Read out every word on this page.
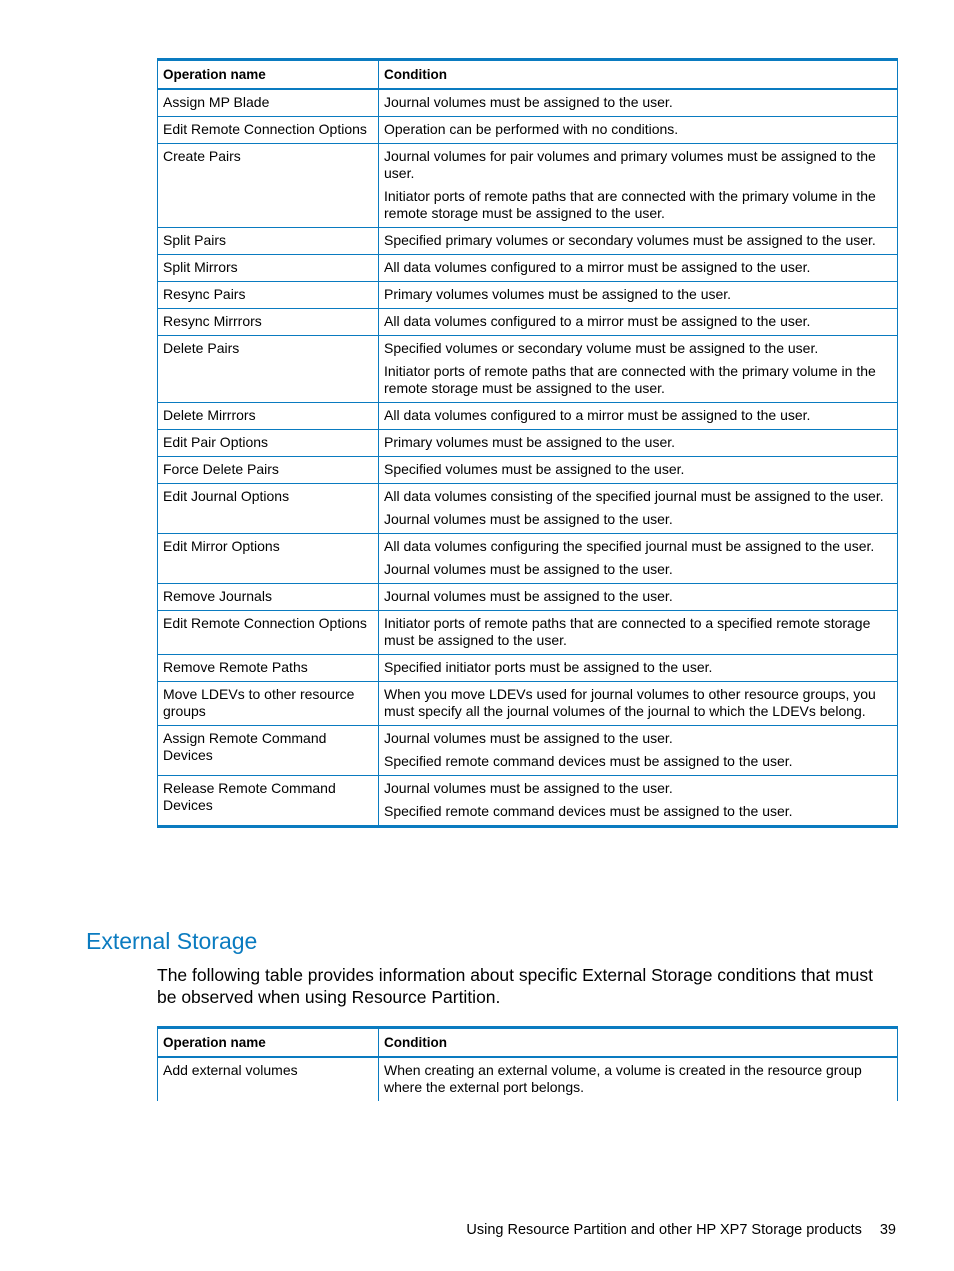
Operation name	Condition
Assign MP Blade	Journal volumes must be assigned to the user.

Edit Remote Connection Options	Operation can be performed with no conditions.

Create Pairs	Journal volumes for pair volumes and primary volumes must be assigned to the user.

Initiator ports of remote paths that are connected with the primary volume in the remote storage must be assigned to the user.

Split Pairs	Specified primary volumes or secondary volumes must be assigned to the user.

Split Mirrors	All data volumes configured to a mirror must be assigned to the user.

Resync Pairs	Primary volumes volumes must be assigned to the user.

Resync Mirrrors	All data volumes configured to a mirror must be assigned to the user.

Delete Pairs	Specified volumes or secondary volume must be assigned to the user.

Initiator ports of remote paths that are connected with the primary volume in the remote storage must be assigned to the user.

Delete Mirrrors	All data volumes configured to a mirror must be assigned to the user.

Edit Pair Options	Primary volumes must be assigned to the user.

Force Delete Pairs	Specified volumes must be assigned to the user.

Edit Journal Options	All data volumes consisting of the specified journal must be assigned to the user.

Journal volumes must be assigned to the user.

Edit Mirror Options	All data volumes configuring the specified journal must be assigned to the user.

Journal volumes must be assigned to the user.

Remove Journals	Journal volumes must be assigned to the user.

Edit Remote Connection Options	Initiator ports of remote paths that are connected to a specified remote storage must be assigned to the user.

Remove Remote Paths	Specified initiator ports must be assigned to the user.

Move LDEVs to other resource groups	When you move LDEVs used for journal volumes to other resource groups, you must specify all the journal volumes of the journal to which the LDEVs belong.

Assign Remote Command Devices	Journal volumes must be assigned to the user.

Specified remote command devices must be assigned to the user.

Release Remote Command Devices	Journal volumes must be assigned to the user.

Specified remote command devices must be assigned to the user.

External Storage

The following table provides information about specific External Storage conditions that must be observed when using Resource Partition.

Operation name	Condition
Add external volumes	When creating an external volume, a volume is created in the resource group where the external port belongs.

Using Resource Partition and other HP XP7 Storage products 39
